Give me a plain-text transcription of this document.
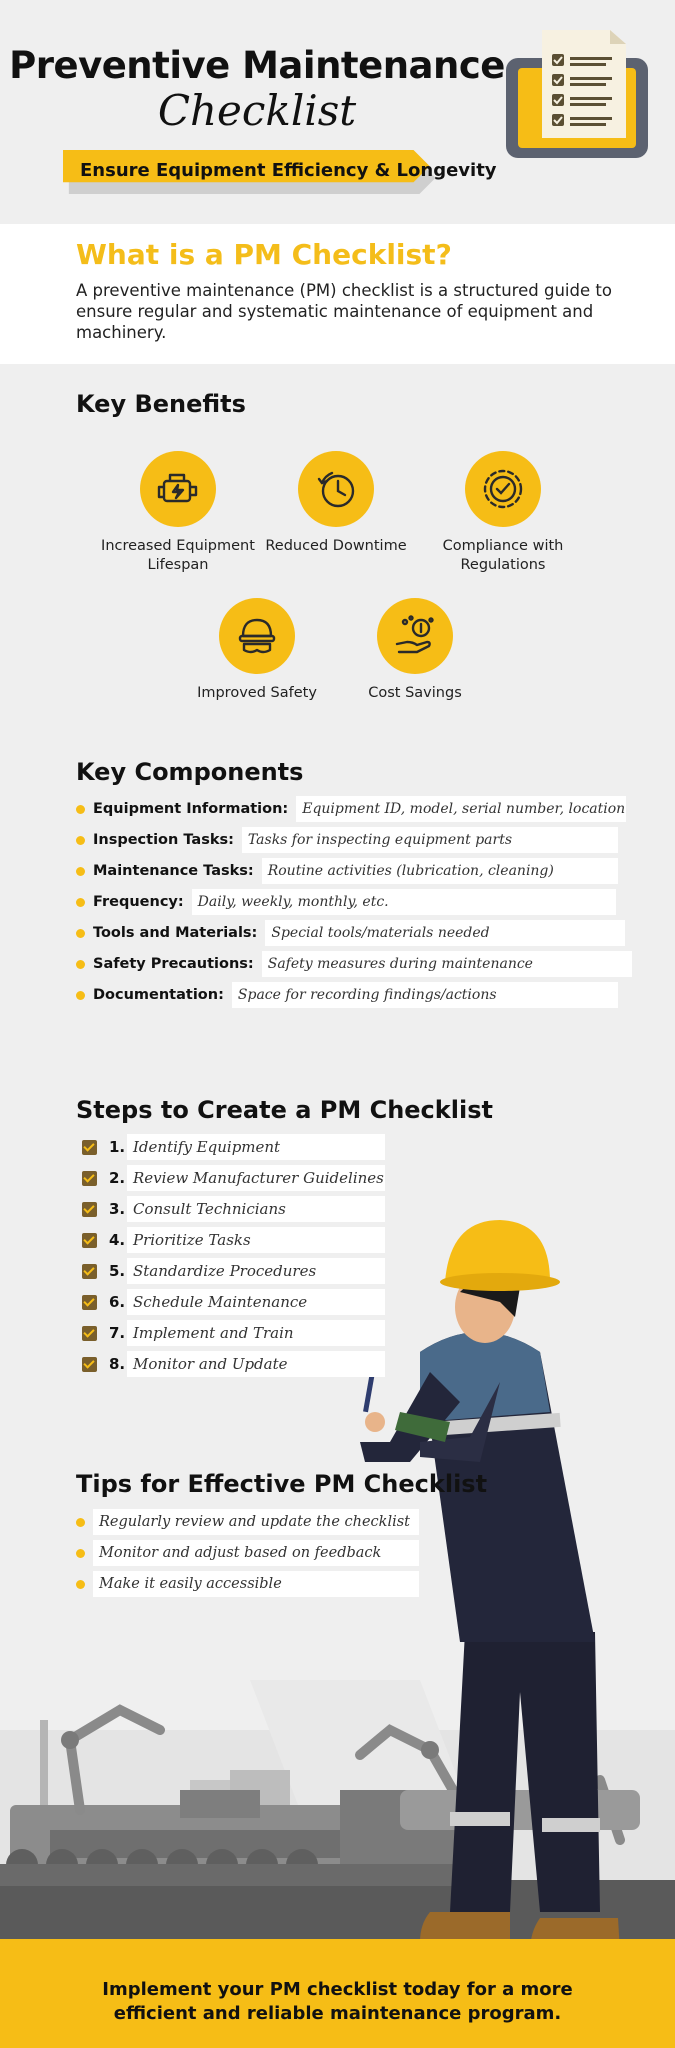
Preventive Maintenance
Checklist
Ensure Equipment Efficiency & Longevity
What is a PM Checklist?
A preventive maintenance (PM) checklist is a structured guide to ensure regular and systematic maintenance of equipment and machinery.
Key Benefits
Increased Equipment Lifespan
Reduced Downtime	Compliance with Regulations
Improved Safety	Cost Savings
Key Components
Equipment Information:	Equipment ID, model, serial number, location
Inspection Tasks:	Tasks for inspecting equipment parts
Maintenance Tasks:	Routine activities (lubrication, cleaning)
Frequency:	Daily, weekly, monthly, etc.
Tools and Materials:	Special tools/materials needed
Safety Precautions:	Safety measures during maintenance
Documentation:	Space for recording findings/actions
Steps to Create a PM Checklist
1. Identify Equipment
2. Review Manufacturer Guidelines
3. Consult Technicians
4. Prioritize Tasks
5. Standardize Procedures
6. Schedule Maintenance
7. Implement and Train
8. Monitor and Update
Tips for Effective PM Checklist
Regularly review and update the checklist
Monitor and adjust based on feedback
Make it easily accessible
Implement your PM checklist today for a more
efficient and reliable maintenance program.
